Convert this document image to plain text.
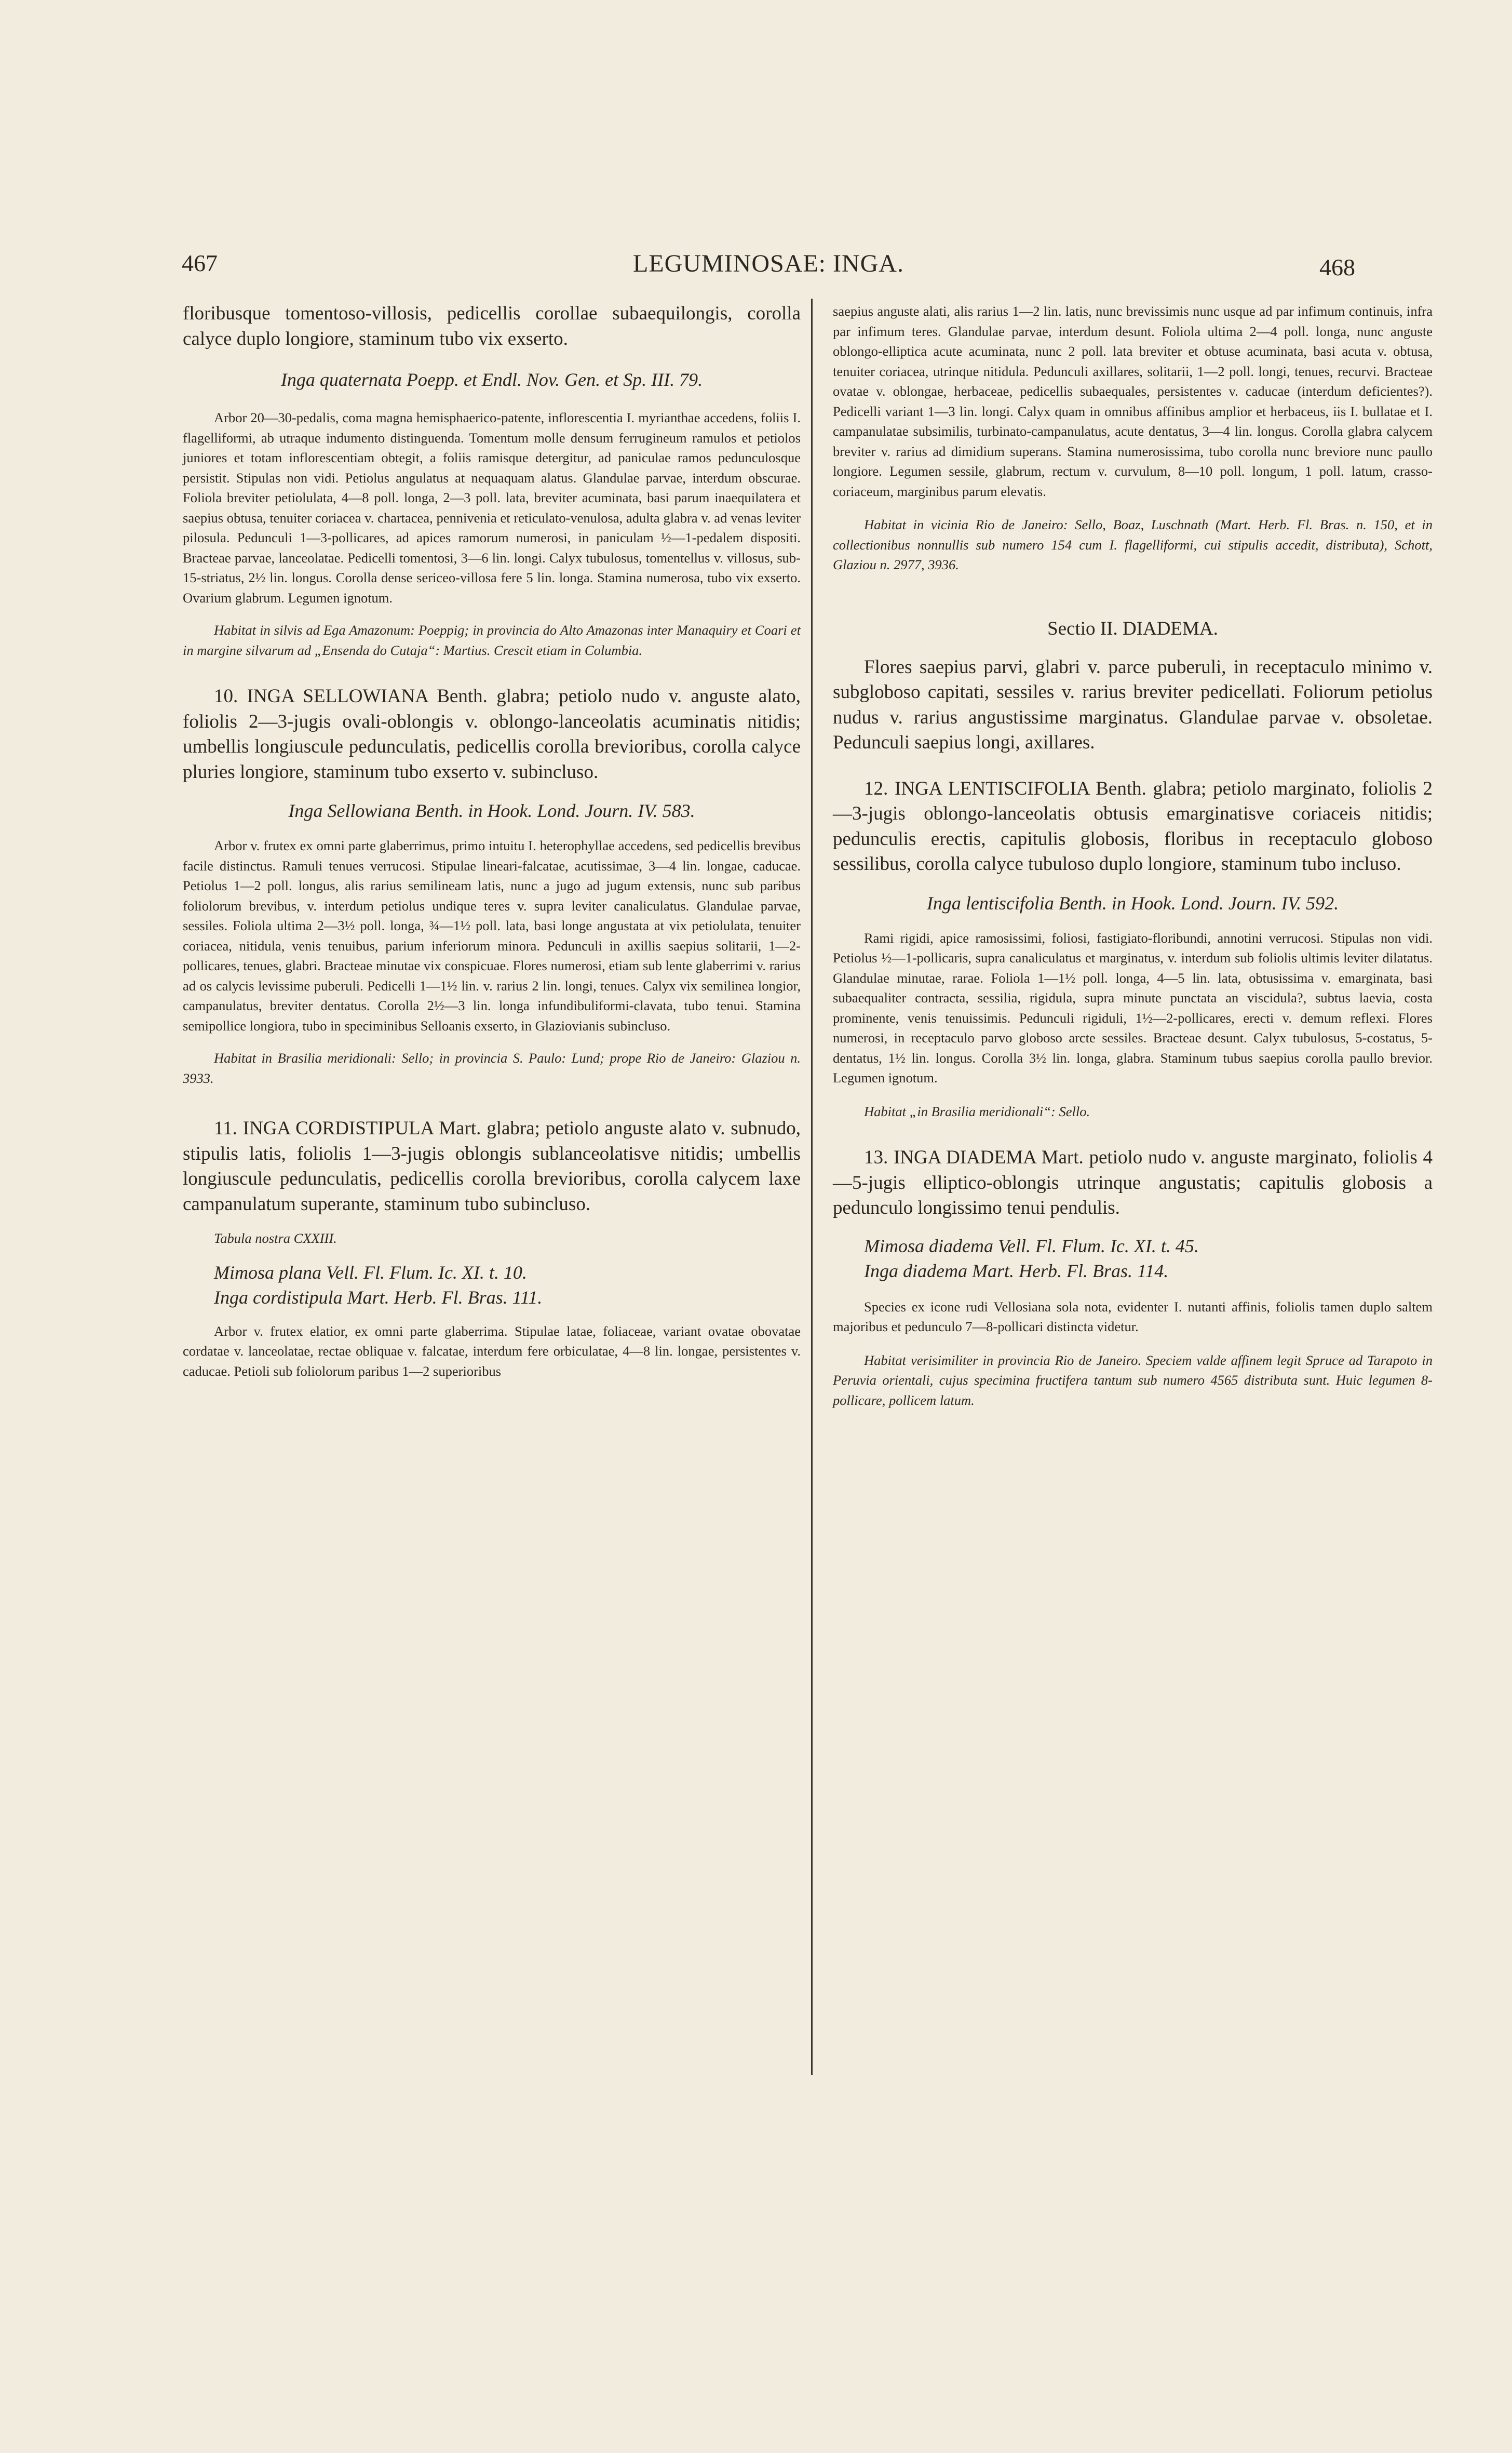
467	LEGUMINOSAE: INGA.	468

floribusque tomentoso-villosis, pedicellis corollae subaequilongis, corolla calyce duplo longiore, staminum tubo vix exserto.

Inga quaternata Poepp. et Endl. Nov. Gen. et Sp. III. 79.

Arbor 20—30-pedalis, coma magna hemisphaerico-patente, inflorescentia I. myrianthae accedens, foliis I. flagelliformi, ab utraque indumento distinguenda. Tomentum molle densum ferrugineum ramulos et petiolos juniores et totam inflorescentiam obtegit, a foliis ramisque detergitur, ad paniculae ramos pedunculosque persistit. Stipulas non vidi. Petiolus angulatus at nequaquam alatus. Glandulae parvae, interdum obscurae. Foliola breviter petiolulata, 4—8 poll. longa, 2—3 poll. lata, breviter acuminata, basi parum inaequilatera et saepius obtusa, tenuiter coriacea v. chartacea, pennivenia et reticulato-venulosa, adulta glabra v. ad venas leviter pilosula. Pedunculi 1—3-pollicares, ad apices ramorum numerosi, in paniculam ½—1-pedalem dispositi. Bracteae parvae, lanceolatae. Pedicelli tomentosi, 3—6 lin. longi. Calyx tubulosus, tomentellus v. villosus, sub-15-striatus, 2½ lin. longus. Corolla dense sericeo-villosa fere 5 lin. longa. Stamina numerosa, tubo vix exserto. Ovarium glabrum. Legumen ignotum.

Habitat in silvis ad Ega Amazonum: Poeppig; in provincia do Alto Amazonas inter Manaquiry et Coari et in margine silvarum ad „Ensenda do Cutaja“: Martius. Crescit etiam in Columbia.

10. INGA SELLOWIANA Benth. glabra; petiolo nudo v. anguste alato, foliolis 2—3-jugis ovali-oblongis v. oblongo-lanceolatis acuminatis nitidis; umbellis longiuscule pedunculatis, pedicellis corolla brevioribus, corolla calyce pluries longiore, staminum tubo exserto v. subincluso.

Inga Sellowiana Benth. in Hook. Lond. Journ. IV. 583.

Arbor v. frutex ex omni parte glaberrimus, primo intuitu I. heterophyllae accedens, sed pedicellis brevibus facile distinctus. Ramuli tenues verrucosi. Stipulae lineari-falcatae, acutissimae, 3—4 lin. longae, caducae. Petiolus 1—2 poll. longus, alis rarius semilineam latis, nunc a jugo ad jugum extensis, nunc sub paribus foliolorum brevibus, v. interdum petiolus undique teres v. supra leviter canaliculatus. Glandulae parvae, sessiles. Foliola ultima 2—3½ poll. longa, ¾—1½ poll. lata, basi longe angustata at vix petiolulata, tenuiter coriacea, nitidula, venis tenuibus, parium inferiorum minora. Pedunculi in axillis saepius solitarii, 1—2-pollicares, tenues, glabri. Bracteae minutae vix conspicuae. Flores numerosi, etiam sub lente glaberrimi v. rarius ad os calycis levissime puberuli. Pedicelli 1—1½ lin. v. rarius 2 lin. longi, tenues. Calyx vix semilinea longior, campanulatus, breviter dentatus. Corolla 2½—3 lin. longa infundibuliformi-clavata, tubo tenui. Stamina semipollice longiora, tubo in speciminibus Selloanis exserto, in Glaziovianis subincluso.

Habitat in Brasilia meridionali: Sello; in provincia S. Paulo: Lund; prope Rio de Janeiro: Glaziou n. 3933.

11. INGA CORDISTIPULA Mart. glabra; petiolo anguste alato v. subnudo, stipulis latis, foliolis 1—3-jugis oblongis sublanceolatisve nitidis; umbellis longiuscule pedunculatis, pedicellis corolla brevioribus, corolla calycem laxe campanulatum superante, staminum tubo subincluso.

Tabula nostra CXXIII.

Mimosa plana Vell. Fl. Flum. Ic. XI. t. 10.

Inga cordistipula Mart. Herb. Fl. Bras. 111.

Arbor v. frutex elatior, ex omni parte glaberrima. Stipulae latae, foliaceae, variant ovatae obovatae cordatae v. lanceolatae, rectae obliquae v. falcatae, interdum fere orbiculatae, 4—8 lin. longae, persistentes v. caducae. Petioli sub foliolorum paribus 1—2 superioribus

saepius anguste alati, alis rarius 1—2 lin. latis, nunc brevissimis nunc usque ad par infimum continuis, infra par infimum teres. Glandulae parvae, interdum desunt. Foliola ultima 2—4 poll. longa, nunc anguste oblongo-elliptica acute acuminata, nunc 2 poll. lata breviter et obtuse acuminata, basi acuta v. obtusa, tenuiter coriacea, utrinque nitidula. Pedunculi axillares, solitarii, 1—2 poll. longi, tenues, recurvi. Bracteae ovatae v. oblongae, herbaceae, pedicellis subaequales, persistentes v. caducae (interdum deficientes?). Pedicelli variant 1—3 lin. longi. Calyx quam in omnibus affinibus amplior et herbaceus, iis I. bullatae et I. campanulatae subsimilis, turbinato-campanulatus, acute dentatus, 3—4 lin. longus. Corolla glabra calycem breviter v. rarius ad dimidium superans. Stamina numerosissima, tubo corolla nunc breviore nunc paullo longiore. Legumen sessile, glabrum, rectum v. curvulum, 8—10 poll. longum, 1 poll. latum, crasso-coriaceum, marginibus parum elevatis.

Habitat in vicinia Rio de Janeiro: Sello, Boaz, Luschnath (Mart. Herb. Fl. Bras. n. 150, et in collectionibus nonnullis sub numero 154 cum I. flagelliformi, cui stipulis accedit, distributa), Schott, Glaziou n. 2977, 3936.

Sectio II. DIADEMA.

Flores saepius parvi, glabri v. parce puberuli, in receptaculo minimo v. subgloboso capitati, sessiles v. rarius breviter pedicellati. Foliorum petiolus nudus v. rarius angustissime marginatus. Glandulae parvae v. obsoletae. Pedunculi saepius longi, axillares.

12. INGA LENTISCIFOLIA Benth. glabra; petiolo marginato, foliolis 2—3-jugis oblongo-lanceolatis obtusis emarginatisve coriaceis nitidis; pedunculis erectis, capitulis globosis, floribus in receptaculo globoso sessilibus, corolla calyce tubuloso duplo longiore, staminum tubo incluso.

Inga lentiscifolia Benth. in Hook. Lond. Journ. IV. 592.

Rami rigidi, apice ramosissimi, foliosi, fastigiato-floribundi, annotini verrucosi. Stipulas non vidi. Petiolus ½—1-pollicaris, supra canaliculatus et marginatus, v. interdum sub foliolis ultimis leviter dilatatus. Glandulae minutae, rarae. Foliola 1—1½ poll. longa, 4—5 lin. lata, obtusissima v. emarginata, basi subaequaliter contracta, sessilia, rigidula, supra minute punctata an viscidula?, subtus laevia, costa prominente, venis tenuissimis. Pedunculi rigiduli, 1½—2-pollicares, erecti v. demum reflexi. Flores numerosi, in receptaculo parvo globoso arcte sessiles. Bracteae desunt. Calyx tubulosus, 5-costatus, 5-dentatus, 1½ lin. longus. Corolla 3½ lin. longa, glabra. Staminum tubus saepius corolla paullo brevior. Legumen ignotum.

Habitat „in Brasilia meridionali“: Sello.

13. INGA DIADEMA Mart. petiolo nudo v. anguste marginato, foliolis 4—5-jugis elliptico-oblongis utrinque angustatis; capitulis globosis a pedunculo longissimo tenui pendulis.

Mimosa diadema Vell. Fl. Flum. Ic. XI. t. 45.

Inga diadema Mart. Herb. Fl. Bras. 114.

Species ex icone rudi Vellosiana sola nota, evidenter I. nutanti affinis, foliolis tamen duplo saltem majoribus et pedunculo 7—8-pollicari distincta videtur.

Habitat verisimiliter in provincia Rio de Janeiro. Speciem valde affinem legit Spruce ad Tarapoto in Peruvia orientali, cujus specimina fructifera tantum sub numero 4565 distributa sunt. Huic legumen 8-pollicare, pollicem latum.
